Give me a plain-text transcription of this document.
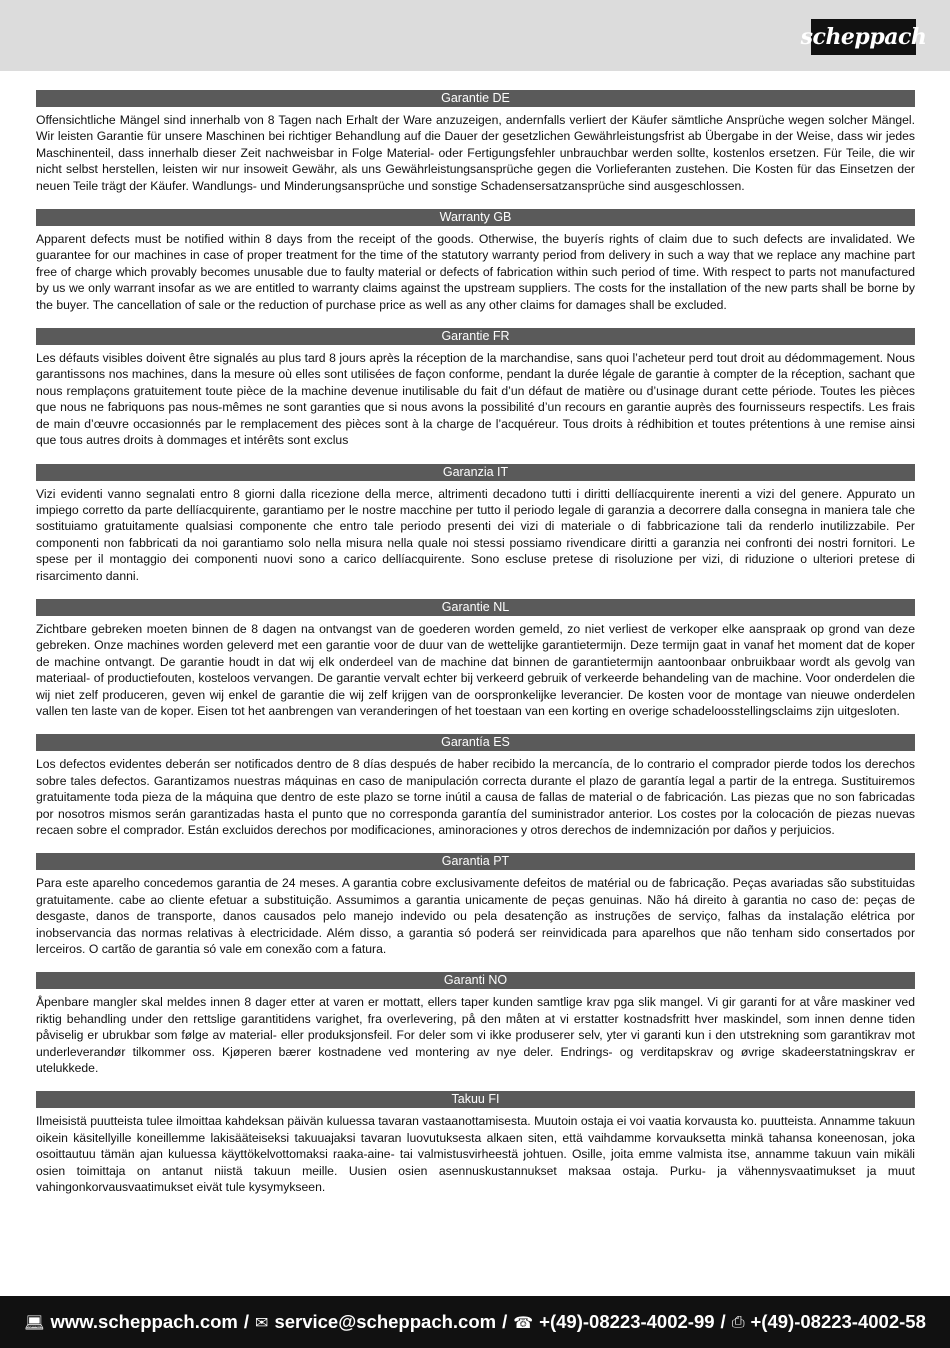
scheppach
Garantie DE

Offensichtliche Mängel sind innerhalb von 8 Tagen nach Erhalt der Ware anzuzeigen, andernfalls verliert der Käufer sämtliche Ansprüche wegen solcher Mängel. Wir leisten Garantie für unsere Maschinen bei richtiger Behandlung auf die Dauer der gesetzlichen Gewährleistungsfrist ab Übergabe in der Weise, dass wir jedes Maschinenteil, dass innerhalb dieser Zeit nachweisbar in Folge Material- oder Fertigungsfehler unbrauchbar werden sollte, kostenlos ersetzen. Für Teile, die wir nicht selbst herstellen, leisten wir nur insoweit Gewähr, als uns Gewährleistungsansprüche gegen die Vorlieferanten zustehen. Die Kosten für das Einsetzen der neuen Teile trägt der Käufer. Wandlungs- und Minderungsansprüche und sonstige Schadensersatzansprüche sind ausgeschlossen.

Warranty GB

Apparent defects must be notified within 8 days from the receipt of the goods. Otherwise, the buyerís rights of claim due to such defects are invalidated. We guarantee for our machines in case of proper treatment for the time of the statutory warranty period from delivery in such a way that we replace any machine part free of charge which provably becomes unusable due to faulty material or defects of fabrication within such period of time. With respect to parts not manufactured by us we only warrant insofar as we are entitled to warranty claims against the upstream suppliers. The costs for the installation of the new parts shall be borne by the buyer. The cancellation of sale or the reduction of purchase price as well as any other claims for damages shall be excluded.

Garantie FR

Les défauts visibles doivent être signalés au plus tard 8 jours après la réception de la marchandise, sans quoi l’acheteur perd tout droit au dédommagement. Nous garantissons nos machines, dans la mesure où elles sont utilisées de façon conforme, pendant la durée légale de garantie à compter de la réception, sachant que nous remplaçons gratuitement toute pièce de la machine devenue inutilisable du fait d’un défaut de matière ou d’usinage durant cette période. Toutes les pièces que nous ne fabriquons pas nous-mêmes ne sont garanties que si nous avons la possibilité d’un recours en garantie auprès des fournisseurs respectifs. Les frais de main d’œuvre occasionnés par le remplacement des pièces sont à la charge de l’acquéreur. Tous droits à rédhibition et toutes prétentions à une remise ainsi que tous autres droits à dommages et intérêts sont exclus

Garanzia IT

Vizi evidenti vanno segnalati entro 8 giorni dalla ricezione della merce, altrimenti decadono tutti i diritti dellíacquirente inerenti a vizi del genere. Appurato un impiego corretto da parte dellíacquirente, garantiamo per le nostre macchine per tutto il periodo legale di garanzia a decorrere dalla consegna in maniera tale che sostituiamo gratuitamente qualsiasi componente che entro tale periodo presenti dei vizi di materiale o di fabbricazione tali da renderlo inutilizzabile. Per componenti non fabbricati da noi garantiamo solo nella misura nella quale noi stessi possiamo rivendicare diritti a garanzia nei confronti dei nostri fornitori. Le spese per il montaggio dei componenti nuovi sono a carico dellíacquirente. Sono escluse pretese di risoluzione per vizi, di riduzione o ulteriori pretese di risarcimento danni.

Garantie NL

Zichtbare gebreken moeten binnen de 8 dagen na ontvangst van de goederen worden gemeld, zo niet verliest de verkoper elke aanspraak op grond van deze gebreken. Onze machines worden geleverd met een garantie voor de duur van de wettelijke garantietermijn. Deze termijn gaat in vanaf het moment dat de koper de machine ontvangt. De garantie houdt in dat wij elk onderdeel van de machine dat binnen de garantietermijn aantoonbaar onbruikbaar wordt als gevolg van materiaal- of productiefouten, kosteloos vervangen. De garantie vervalt echter bij verkeerd gebruik of verkeerde behandeling van de machine. Voor onderdelen die wij niet zelf produceren, geven wij enkel de garantie die wij zelf krijgen van de oorspronkelijke leverancier. De kosten voor de montage van nieuwe onderdelen vallen ten laste van de koper. Eisen tot het aanbrengen van veranderingen of het toestaan van een korting en overige schadeloosstellingsclaims zijn uitgesloten.

Garantía ES

Los defectos evidentes deberán ser notificados dentro de 8 días después de haber recibido la mercancía, de lo contrario el comprador pierde todos los derechos sobre tales defectos. Garantizamos nuestras máquinas en caso de manipulación correcta durante el plazo de garantía legal a partir de la entrega. Sustituiremos gratuitamente toda pieza de la máquina que dentro de este plazo se torne inútil a causa de fallas de material o de fabricación. Las piezas que no son fabricadas por nosotros mismos serán garantizadas hasta el punto que no corresponda garantía del suministrador anterior. Los costes por la colocación de piezas nuevas recaen sobre el comprador. Están excluidos derechos por modificaciones, aminoraciones y otros derechos de indemnización por daños y perjuicios.

Garantia PT

Para este aparelho concedemos garantia de 24 meses. A garantia cobre exclusivamente defeitos de matérial ou de fabricação. Peças avariadas são substituidas gratuitamente. cabe ao cliente efetuar a substituição. Assumimos a garantia unicamente de peças genuinas. Não há direito à garantia no caso de: peças de desgaste, danos de transporte, danos causados pelo manejo indevido ou pela desatenção as instruções de serviço, falhas da instalação elétrica por inobservancia das normas relativas à electricidade. Além disso, a garantia só poderá ser reinvidicada para aparelhos que não tenham sido consertados por lerceiros. O cartão de garantia só vale em conexão com a fatura.

Garanti NO

Åpenbare mangler skal meldes innen 8 dager etter at varen er mottatt, ellers taper kunden samtlige krav pga slik mangel. Vi gir garanti for at våre maskiner ved riktig behandling under den rettslige garantitidens varighet, fra overlevering, på den måten at vi erstatter kostnadsfritt hver maskindel, som innen denne tiden påviselig er ubrukbar som følge av material- eller produksjonsfeil. For deler som vi ikke produserer selv, yter vi garanti kun i den utstrekning som garantikrav mot underleverandør tilkommer oss. Kjøperen bærer kostnadene ved montering av nye deler. Endrings- og verditapskrav og øvrige skadeerstatningskrav er utelukkede.

Takuu FI

Ilmeisistä puutteista tulee ilmoittaa kahdeksan päivän kuluessa tavaran vastaanottamisesta. Muutoin ostaja ei voi vaatia korvausta ko. puutteista. Annamme takuun oikein käsitellyille koneillemme lakisääteiseksi takuuajaksi tavaran luovutuksesta alkaen siten, että vaihdamme korvauksetta minkä tahansa koneenosan, joka osoittautuu tämän ajan kuluessa käyttökelvottomaksi raaka-aine- tai valmistusvirheestä johtuen. Osille, joita emme valmista itse, annamme takuun vain mikäli osien toimittaja on antanut niistä takuun meille. Uusien osien asennuskustannukset maksaa ostaja. Purku- ja vähennysvaatimukset ja muut vahingonkorvausvaatimukset eivät tule kysymykseen.

💻︎ www.scheppach.com / ✉︎ service@scheppach.com / ☎︎ +(49)-08223-4002-99 / ⎙ +(49)-08223-4002-58
